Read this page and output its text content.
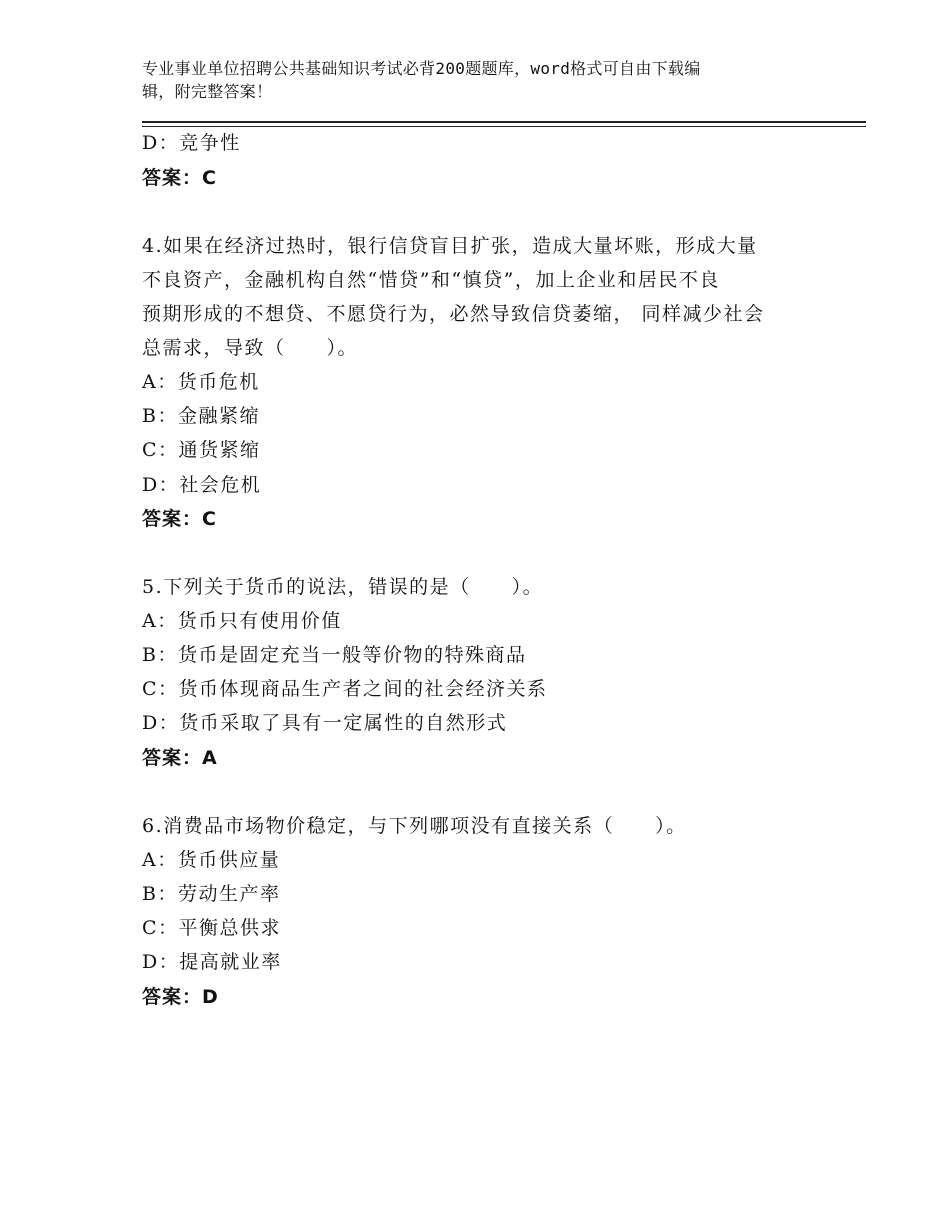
专业事业单位招聘公共基础知识考试必背200题题库，word格式可自由下载编
辑，附完整答案！
D：竞争性
答案：C
4.如果在经济过热时，银行信贷盲目扩张，造成大量坏账，形成大量
不良资产，金融机构自然“惜贷”和“慎贷”，加上企业和居民不良
预期形成的不想贷、不愿贷行为，必然导致信贷萎缩， 同样减少社会
总需求，导致（　　）。
A：货币危机
B：金融紧缩
C：通货紧缩
D：社会危机
答案：C
5.下列关于货币的说法，错误的是（　　）。
A：货币只有使用价值
B：货币是固定充当一般等价物的特殊商品
C：货币体现商品生产者之间的社会经济关系
D：货币采取了具有一定属性的自然形式
答案：A
6.消费品市场物价稳定，与下列哪项没有直接关系（　　）。
A：货币供应量
B：劳动生产率
C：平衡总供求
D：提高就业率
答案：D
